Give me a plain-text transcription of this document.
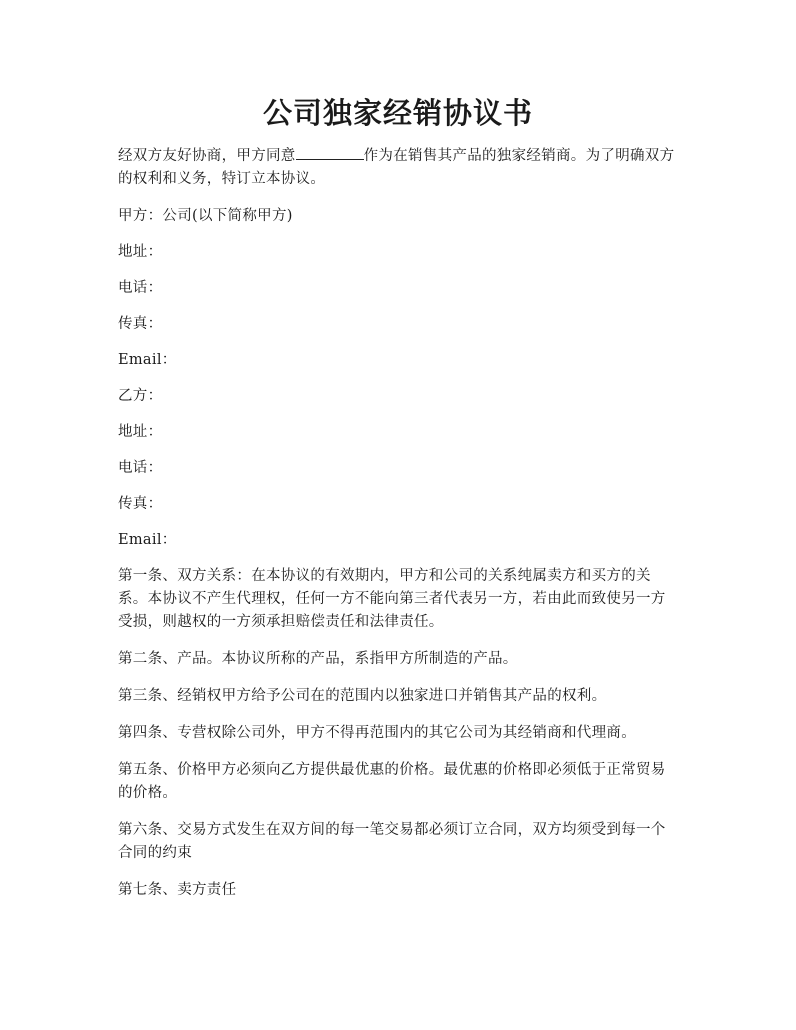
公司独家经销协议书

经双方友好协商，甲方同意	作为在销售其产品的独家经销商。为了明确双方的权利和义务，特订立本协议。

甲方：公司(以下简称甲方)

地址：

电话：

传真：

Email：

乙方：

地址：

电话：

传真：

Email：

第一条、双方关系：在本协议的有效期内，甲方和公司的关系纯属卖方和买方的关系。本协议不产生代理权，任何一方不能向第三者代表另一方，若由此而致使另一方受损，则越权的一方须承担赔偿责任和法律责任。

第二条、产品。本协议所称的产品，系指甲方所制造的产品。

第三条、经销权甲方给予公司在的范围内以独家进口并销售其产品的权利。

第四条、专营权除公司外，甲方不得再范围内的其它公司为其经销商和代理商。

第五条、价格甲方必须向乙方提供最优惠的价格。最优惠的价格即必须低于正常贸易的价格。

第六条、交易方式发生在双方间的每一笔交易都必须订立合同，双方均须受到每一个合同的约束

第七条、卖方责任
